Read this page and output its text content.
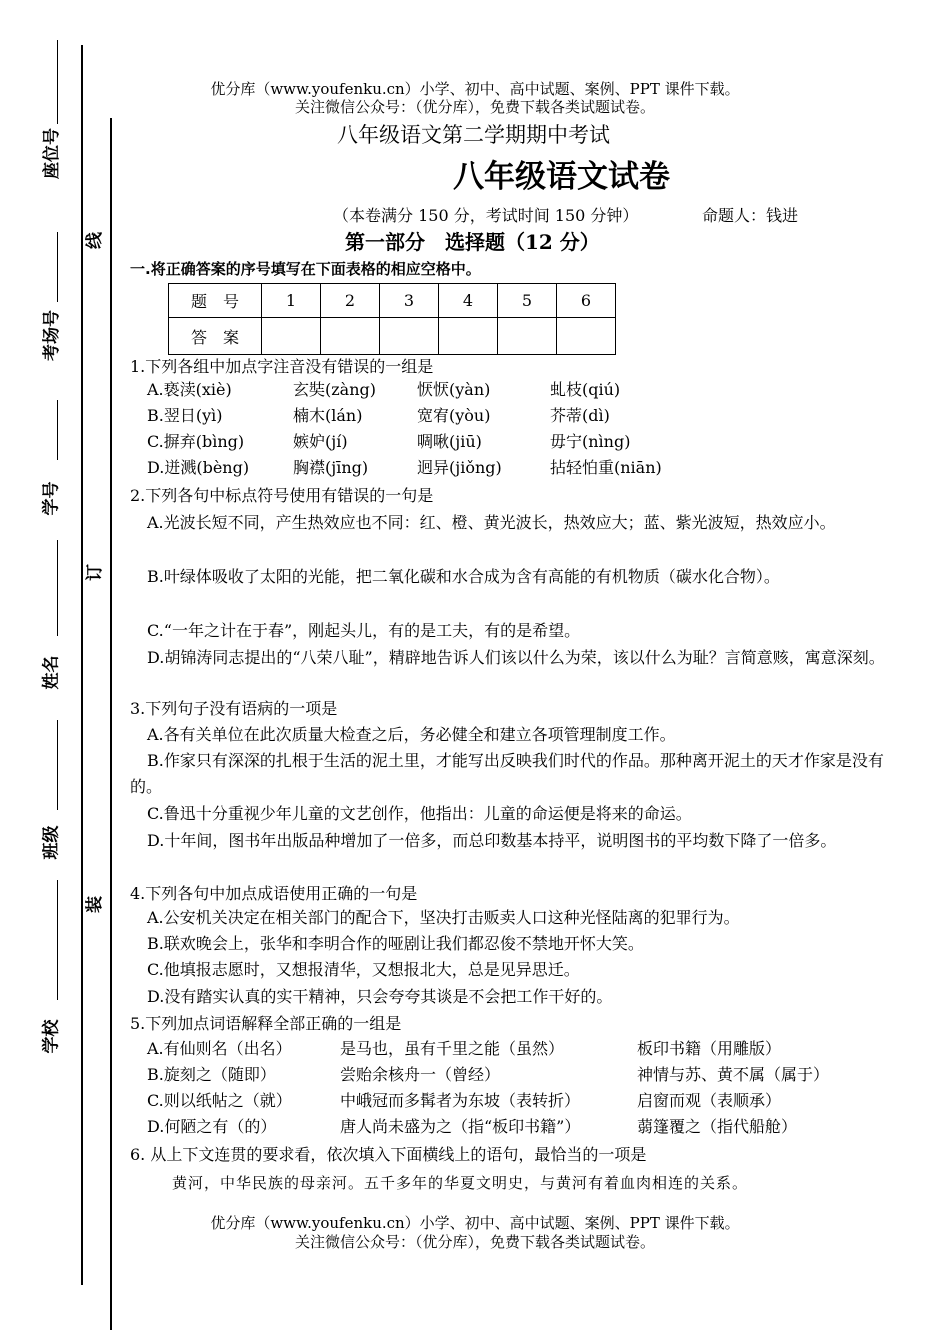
座位号
考场号
学号
姓名
班级
学校
线
订
装
优分库（www.youfenku.cn）小学、初中、高中试题、案例、PPT 课件下载。
关注微信公众号：（优分库），免费下载各类试题试卷。
八年级语文第二学期期中考试
八年级语文试卷
（本卷满分 150 分，考试时间 150 分钟）	命题人：钱进
第一部分　选择题（12 分）
一.将正确答案的序号填写在下面表格的相应空格中。
题　号	1	2	3	4	5	6
答　案						
1.下列各组中加点字注音没有错误的一组是
A.亵渎(xiè)	玄奘(zàng)	恹恹(yàn)	虬枝(qiú)
B.翌日(yì)	楠木(lán)	宽宥(yòu)	芥蒂(dì)
C.摒弃(bìng)	嫉妒(jí)	啁啾(jiū)	毋宁(nìng)
D.迸溅(bèng)	胸襟(jīng)	迥异(jiǒng)	拈轻怕重(niān)
2.下列各句中标点符号使用有错误的一句是
A.光波长短不同，产生热效应也不同：红、橙、黄光波长，热效应大；蓝、紫光波短，热效应小。
B.叶绿体吸收了太阳的光能，把二氧化碳和水合成为含有高能的有机物质（碳水化合物）。
C.“一年之计在于春”，刚起头儿，有的是工夫，有的是希望。
D.胡锦涛同志提出的“八荣八耻”，精辟地告诉人们该以什么为荣，该以什么为耻？言简意赅，寓意深刻。
3.下列句子没有语病的一项是
A.各有关单位在此次质量大检查之后，务必健全和建立各项管理制度工作。
B.作家只有深深的扎根于生活的泥土里，才能写出反映我们时代的作品。那种离开泥土的天才作家是没有的。
C.鲁迅十分重视少年儿童的文艺创作，他指出：儿童的命运便是将来的命运。
D.十年间，图书年出版品种增加了一倍多，而总印数基本持平，说明图书的平均数下降了一倍多。
4.下列各句中加点成语使用正确的一句是
A.公安机关决定在相关部门的配合下，坚决打击贩卖人口这种光怪陆离的犯罪行为。
B.联欢晚会上，张华和李明合作的哑剧让我们都忍俊不禁地开怀大笑。
C.他填报志愿时，又想报清华，又想报北大，总是见异思迁。
D.没有踏实认真的实干精神，只会夸夸其谈是不会把工作干好的。
5.下列加点词语解释全部正确的一组是
A.有仙则名（出名）	是马也，虽有千里之能（虽然）	板印书籍（用雕版）
B.旋刻之（随即）	尝贻余核舟一（曾经）	神情与苏、黄不属（属于）
C.则以纸帖之（就）	中峨冠而多髯者为东坡（表转折）	启窗而观（表顺承）
D.何陋之有（的）	唐人尚未盛为之（指“板印书籍”）	蒻篷覆之（指代船舱）
6. 从上下文连贯的要求看，依次填入下面横线上的语句，最恰当的一项是
黄河，中华民族的母亲河。五千多年的华夏文明史，与黄河有着血肉相连的关系。
优分库（www.youfenku.cn）小学、初中、高中试题、案例、PPT 课件下载。
关注微信公众号：（优分库），免费下载各类试题试卷。
